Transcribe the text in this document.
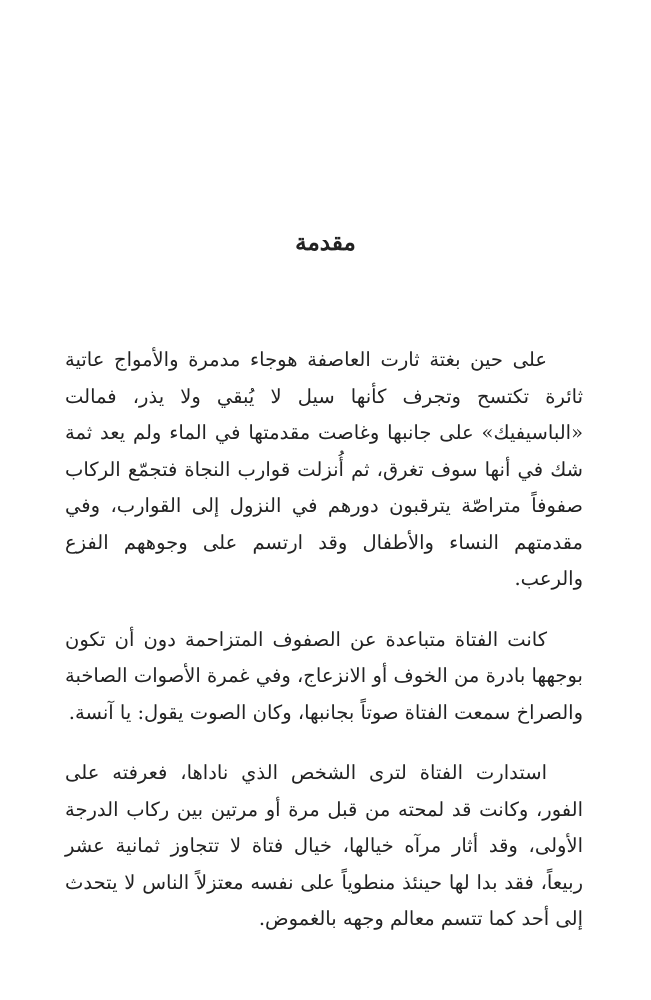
مقدمة

على حين بغتة ثارت العاصفة هوجاء مدمرة والأمواج عاتية ثائرة تكتسح وتجرف كأنها سيل لا يُبقي ولا يذر، فمالت «الباسيفيك» على جانبها وغاصت مقدمتها في الماء ولم يعد ثمة شك في أنها سوف تغرق، ثم أُنزلت قوارب النجاة فتجمّع الركاب صفوفاً متراصّة يترقبون دورهم في النزول إلى القوارب، وفي مقدمتهم النساء والأطفال وقد ارتسم على وجوههم الفزع والرعب.

كانت الفتاة متباعدة عن الصفوف المتزاحمة دون أن تكون بوجهها بادرة من الخوف أو الانزعاج، وفي غمرة الأصوات الصاخبة والصراخ سمعت الفتاة صوتاً بجانبها، وكان الصوت يقول: يا آنسة.

استدارت الفتاة لترى الشخص الذي ناداها، فعرفته على الفور، وكانت قد لمحته من قبل مرة أو مرتين بين ركاب الدرجة الأولى، وقد أثار مرآه خيالها، خيال فتاة لا تتجاوز ثمانية عشر ربيعاً، فقد بدا لها حينئذ منطوياً على نفسه معتزلاً الناس لا يتحدث إلى أحد كما تتسم معالم وجهه بالغموض.
